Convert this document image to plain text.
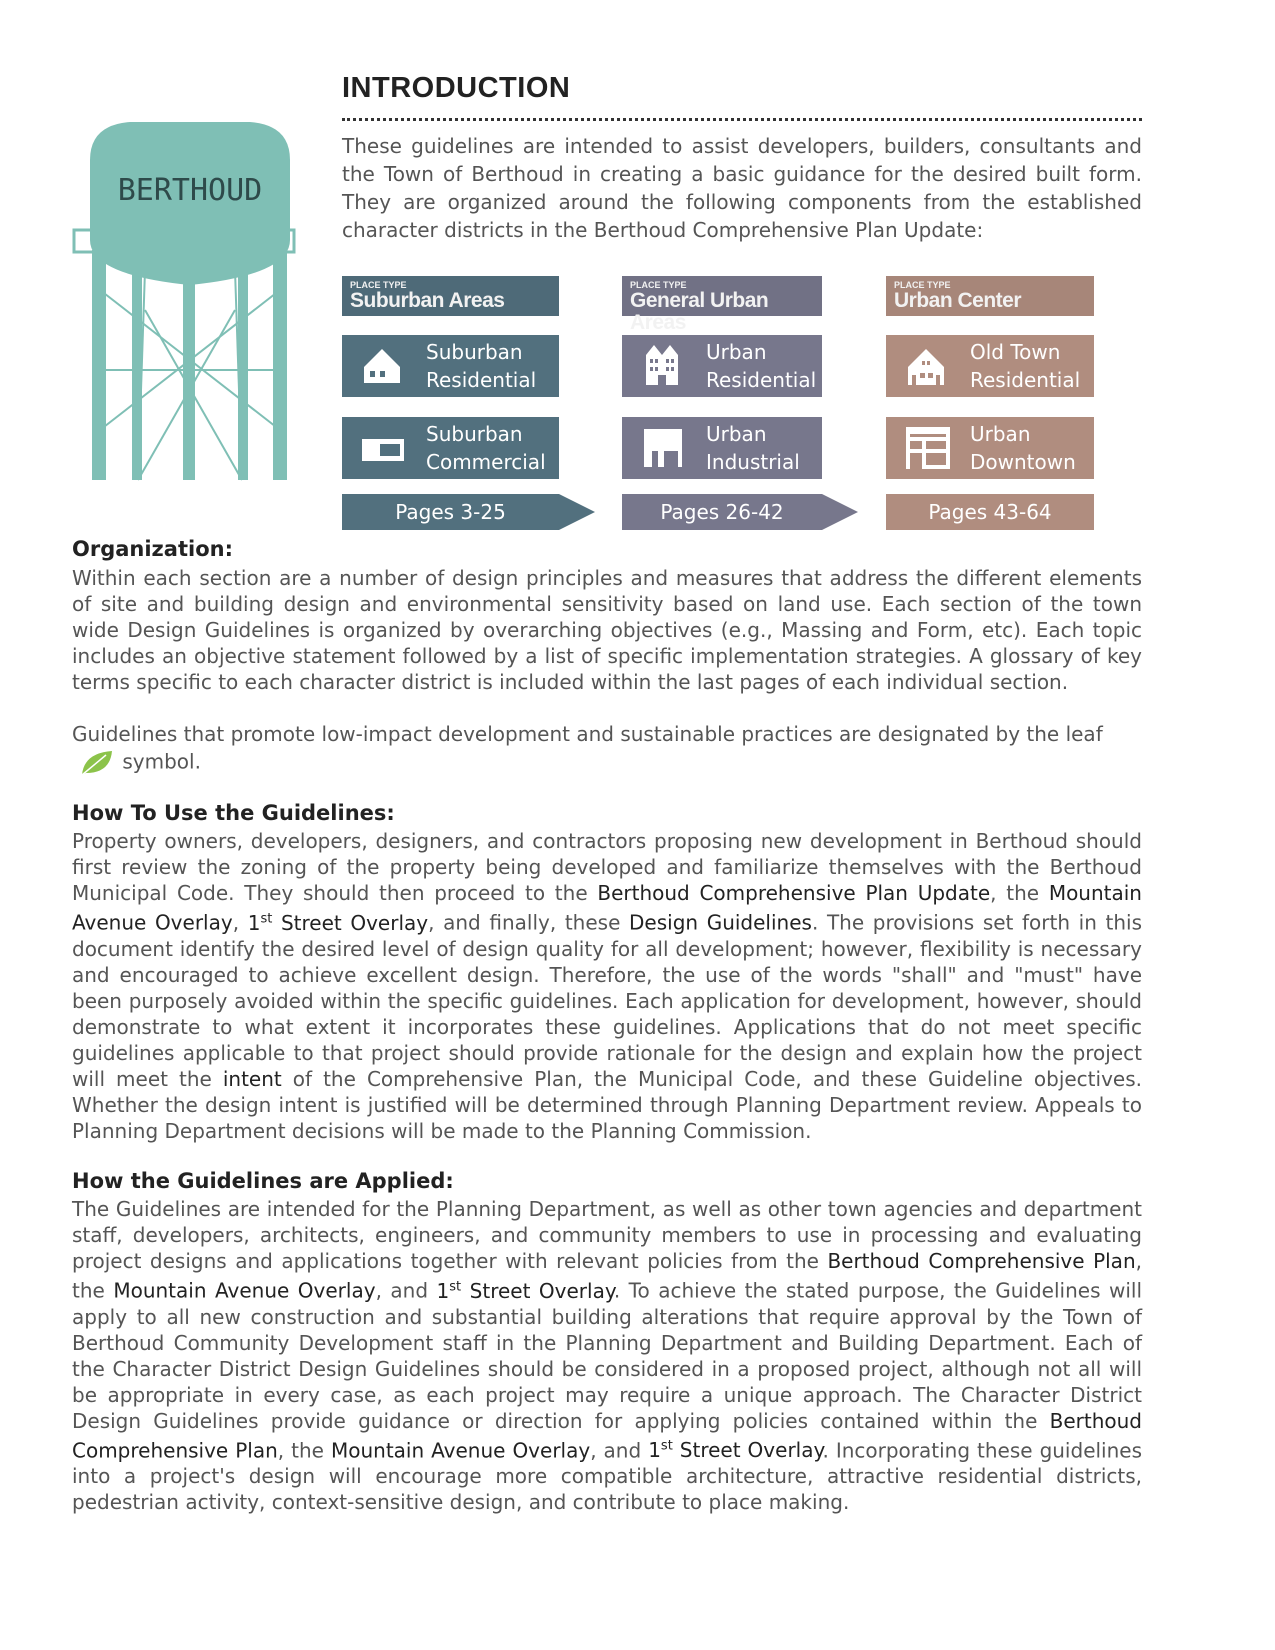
BERTHOUD
INTRODUCTION
These guidelines are intended to assist developers, builders, consultants and the Town of Berthoud in creating a basic guidance for the desired built form. They are organized around the following components from the established character districts in the Berthoud Comprehensive Plan Update:
PLACE TYPE
Suburban Areas
Suburban
Residential
Suburban
Commercial
Pages 3-25
PLACE TYPE
General Urban Areas
Urban
Residential
Urban
Industrial
Pages 26-42
PLACE TYPE
Urban Center
Old Town
Residential
Urban
Downtown
Pages 43-64
Organization:
Within each section are a number of design principles and measures that address the different elements of site and building design and environmental sensitivity based on land use. Each section of the town wide Design Guidelines is organized by overarching objectives (e.g., Massing and Form, etc). Each topic includes an objective statement followed by a list of specific implementation strategies. A glossary of key terms specific to each character district is included within the last pages of each individual section.
Guidelines that promote low-impact development and sustainable practices are designated by the leaf
symbol.
How To Use the Guidelines:
Property owners, developers, designers, and contractors proposing new development in Berthoud should first review the zoning of the property being developed and familiarize themselves with the Berthoud Municipal Code. They should then proceed to the Berthoud Comprehensive Plan Update, the Mountain Avenue Overlay, 1st Street Overlay, and finally, these Design Guidelines. The provisions set forth in this document identify the desired level of design quality for all development; however, flexibility is necessary and encouraged to achieve excellent design. Therefore, the use of the words "shall" and "must" have been purposely avoided within the specific guidelines. Each application for development, however, should demonstrate to what extent it incorporates these guidelines. Applications that do not meet specific guidelines applicable to that project should provide rationale for the design and explain how the project will meet the intent of the Comprehensive Plan, the Municipal Code, and these Guideline objectives. Whether the design intent is justified will be determined through Planning Department review. Appeals to Planning Department decisions will be made to the Planning Commission.
How the Guidelines are Applied:
The Guidelines are intended for the Planning Department, as well as other town agencies and department staff, developers, architects, engineers, and community members to use in processing and evaluating project designs and applications together with relevant policies from the Berthoud Comprehensive Plan, the Mountain Avenue Overlay, and 1st Street Overlay. To achieve the stated purpose, the Guidelines will apply to all new construction and substantial building alterations that require approval by the Town of Berthoud Community Development staff in the Planning Department and Building Department. Each of the Character District Design Guidelines should be considered in a proposed project, although not all will be appropriate in every case, as each project may require a unique approach. The Character District Design Guidelines provide guidance or direction for applying policies contained within the Berthoud Comprehensive Plan, the Mountain Avenue Overlay, and 1st Street Overlay. Incorporating these guidelines into a project's design will encourage more compatible architecture, attractive residential districts, pedestrian activity, context-sensitive design, and contribute to place making.
